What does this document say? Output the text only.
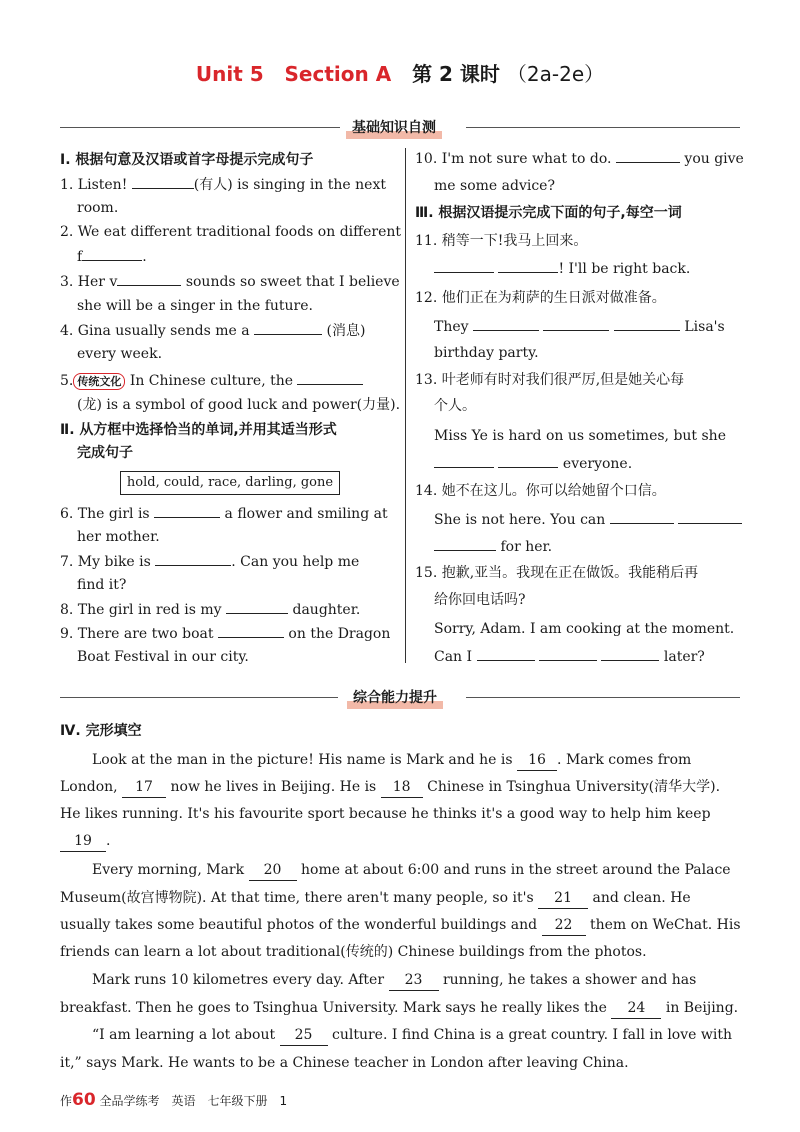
Unit 5 Section A 第 2 课时 （2a-2e）
基础知识自测
Ⅰ. 根据句意及汉语或首字母提示完成句子
1. Listen!	(有人) is singing in the next
room.
2. We eat different traditional foods on different
f	.
3. Her v	sounds so sweet that I believe
she will be a singer in the future.
4. Gina usually sends me a	(消息)
every week.
5. 传统文化 In Chinese culture, the
(龙) is a symbol of good luck and power(力量).
Ⅱ. 从方框中选择恰当的单词,并用其适当形式
完成句子
hold, could, race, darling, gone
6. The girl is	a flower and smiling at
her mother.
7. My bike is	. Can you help me
find it?
8. The girl in red is my	daughter.
9. There are two boat	on the Dragon
Boat Festival in our city.
10. I'm not sure what to do.	you give
me some advice?
Ⅲ. 根据汉语提示完成下面的句子,每空一词
11. 稍等一下!我马上回来。
! I'll be right back.
12. 他们正在为莉萨的生日派对做准备。
They	Lisa's
birthday party.
13. 叶老师有时对我们很严厉,但是她关心每
个人。
Miss Ye is hard on us sometimes, but she
everyone.
14. 她不在这儿。你可以给她留个口信。
She is not here. You can
for her.
15. 抱歉,亚当。我现在正在做饭。我能稍后再
给你回电话吗?
Sorry, Adam. I am cooking at the moment.
Can I	later?
综合能力提升
Ⅳ. 完形填空
Look at the man in the picture! His name is Mark and he is 16 . Mark comes from
London, 17 now he lives in Beijing. He is 18 Chinese in Tsinghua University(清华大学).
He likes running. It's his favourite sport because he thinks it's a good way to help him keep
19 .
Every morning, Mark 20 home at about 6:00 and runs in the street around the Palace
Museum(故宫博物院). At that time, there aren't many people, so it's 21 and clean. He
usually takes some beautiful photos of the wonderful buildings and 22 them on WeChat. His
friends can learn a lot about traditional(传统的) Chinese buildings from the photos.
Mark runs 10 kilometres every day. After 23 running, he takes a shower and has
breakfast. Then he goes to Tsinghua University. Mark says he really likes the 24 in Beijing.
“I am learning a lot about 25 culture. I find China is a great country. I fall in love with
it,” says Mark. He wants to be a Chinese teacher in London after leaving China.
作60 全品学练考　英语　七年级下册　1
